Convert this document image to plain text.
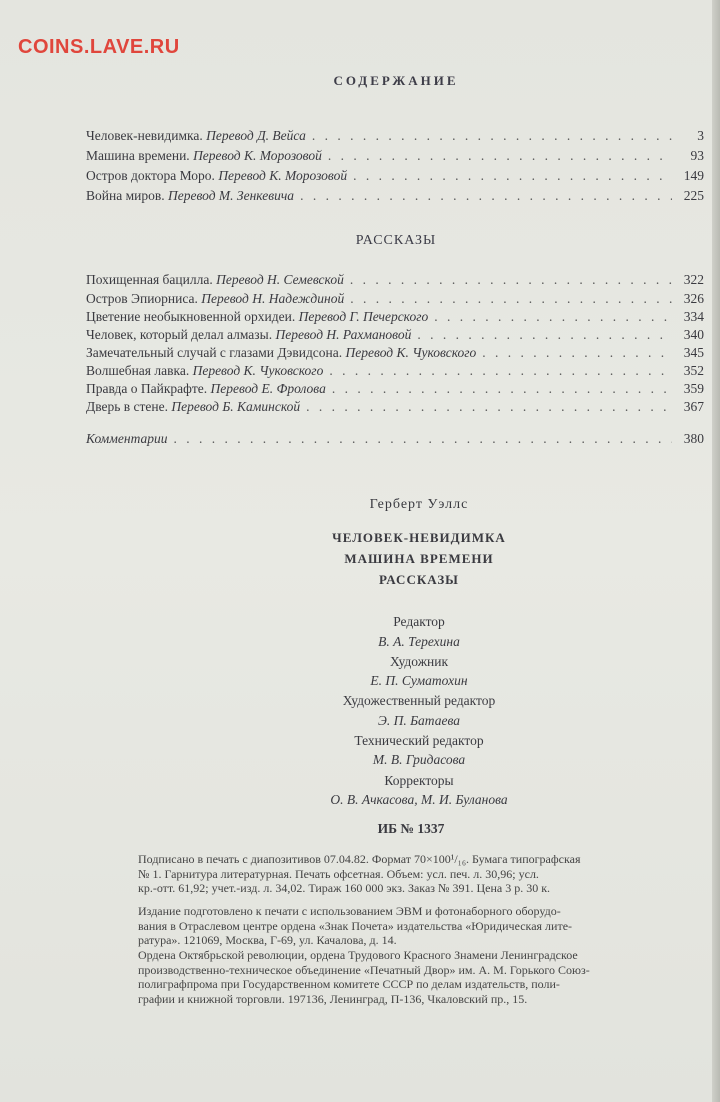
COINS.LAVE.RU
СОДЕРЖАНИЕ
Человек-невидимка. Перевод Д. Вейса . . .	3
Машина времени. Перевод К. Морозовой . . .	93
Остров доктора Моро. Перевод К. Морозовой . . .	149
Война миров. Перевод М. Зенкевича . . .	225
РАССКАЗЫ
Похищенная бацилла. Перевод Н. Семевской . . .	322
Остров Эпиорниса. Перевод Н. Надеждиной . . .	326
Цветение необыкновенной орхидеи. Перевод Г. Печерского . . .	334
Человек, который делал алмазы. Перевод Н. Рахмановой . . .	340
Замечательный случай с глазами Дэвидсона. Перевод К. Чуковского . . .	345
Волшебная лавка. Перевод К. Чуковского . . .	352
Правда о Пайкрафте. Перевод Е. Фролова . . .	359
Дверь в стене. Перевод Б. Каминской . . .	367
Комментарии . . .	380
Герберт Уэллс
ЧЕЛОВЕК-НЕВИДИМКА
МАШИНА ВРЕМЕНИ
РАССКАЗЫ
Редактор
В. А. Терехина
Художник
Е. П. Суматохин
Художественный редактор
Э. П. Батаева
Технический редактор
М. В. Гридасова
Корректоры
О. В. Ачкасова, М. И. Буланова
ИБ № 1337
Подписано в печать с диапозитивов 07.04.82. Формат 70×100¹/₁₆. Бумага типографская
№ 1. Гарнитура литературная. Печать офсетная. Объем: усл. печ. л. 30,96; усл.
кр.-отт. 61,92; учет.-изд. л. 34,02. Тираж 160 000 экз. Заказ № 391. Цена 3 р. 30 к.
Издание подготовлено к печати с использованием ЭВМ и фотонаборного оборудо-
вания в Отраслевом центре ордена «Знак Почета» издательства «Юридическая лите-
ратура». 121069, Москва, Г-69, ул. Качалова, д. 14.
Ордена Октябрьской революции, ордена Трудового Красного Знамени Ленинградское
производственно-техническое объединение «Печатный Двор» им. А. М. Горького Союз-
полиграфпрома при Государственном комитете СССР по делам издательств, поли-
графии и книжной торговли. 197136, Ленинград, П-136, Чкаловский пр., 15.
